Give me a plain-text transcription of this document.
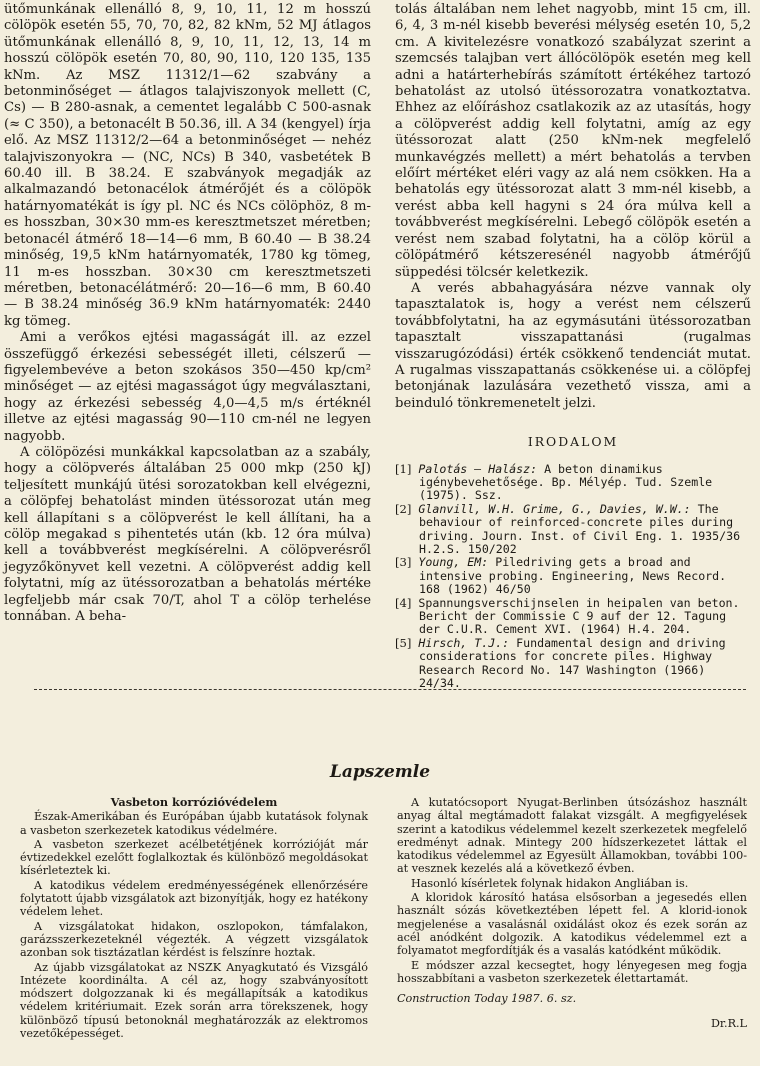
ütőmunkának ellenálló 8, 9, 10, 11, 12 m hosszú cölöpök esetén 55, 70, 70, 82, 82 kNm, 52 MJ átlagos ütőmunkának ellenálló 8, 9, 10, 11, 12, 13, 14 m hosszú cölöpök esetén 70, 80, 90, 110, 120 135, 135 kNm. Az MSZ 11312/1—62 szabvány a betonminőséget — átlagos talajviszonyok mellett (C, Cs) — B 280-asnak, a cementet legalább C 500-asnak (≈ C 350), a betonacélt B 50.36, ill. A 34 (kengyel) írja elő. Az MSZ 11312/2—64 a betonminőséget — nehéz talajviszonyokra — (NC, NCs) B 340, vasbetétek B 60.40 ill. B 38.24. E szabványok megadják az alkalmazandó betonacélok átmérőjét és a cölöpök határnyomatékát is így pl. NC és NCs cölöphöz, 8 m-es hosszban, 30×30 mm-es keresztmetszet méretben; betonacél átmérő 18—14—6 mm, B 60.40 — B 38.24 minőség, 19,5 kNm határnyomaték, 1780 kg tömeg, 11 m-es hosszban. 30×30 cm keresztmetszeti méretben, betonacélátmérő: 20—16—6 mm, B 60.40 — B 38.24 minőség 36.9 kNm határnyomaték: 2440 kg tömeg.

Ami a verőkos ejtési magasságát ill. az ezzel összefüggő érkezési sebességét illeti, célszerű — figyelembevéve a beton szokásos 350—450 kp/cm² minőséget — az ejtési magasságot úgy megválasztani, hogy az érkezési sebesség 4,0—4,5 m/s értéknél illetve az ejtési magasság 90—110 cm-nél ne legyen nagyobb.

A cölöpözési munkákkal kapcsolatban az a szabály, hogy a cölöpverés általában 25 000 mkp (250 kJ) teljesített munkájú ütési sorozatokban kell elvégezni, a cölöpfej behatolást minden ütéssorozat után meg kell állapítani s a cölöpverést le kell állítani, ha a cölöp megakad s pihentetés után (kb. 12 óra múlva) kell a továbbverést megkísérelni. A cölöpverésről jegyzőkönyvet kell vezetni. A cölöpverést addig kell folytatni, míg az ütéssorozatban a behatolás mértéke legfeljebb már csak 70/T, ahol T a cölöp terhelése tonnában. A beha-

tolás általában nem lehet nagyobb, mint 15 cm, ill. 6, 4, 3 m-nél kisebb beverési mélység esetén 10, 5,2 cm. A kivitelezésre vonatkozó szabályzat szerint a szemcsés talajban vert állócölöpök esetén meg kell adni a határterhebírás számított értékéhez tartozó behatolást az utolsó ütéssorozatra vonatkoztatva. Ehhez az előíráshoz csatlakozik az az utasítás, hogy a cölöpverést addig kell folytatni, amíg az egy ütéssorozat alatt (250 kNm-nek megfelelő munkavégzés mellett) a mért behatolás a tervben előírt mértéket eléri vagy az alá nem csökken. Ha a behatolás egy ütéssorozat alatt 3 mm-nél kisebb, a verést abba kell hagyni s 24 óra múlva kell a továbbverést megkísérelni. Lebegő cölöpök esetén a verést nem szabad folytatni, ha a cölöp körül a cölöpátmérő kétszeresénél nagyobb átmérőjű süppedési tölcsér keletkezik.

A verés abbahagyására nézve vannak oly tapasztalatok is, hogy a verést nem célszerű továbbfolytatni, ha az egymásutáni ütéssorozatban tapasztalt visszapattanási (rugalmas visszarugózódási) érték csökkenő tendenciát mutat. A rugalmas visszapattanás csökkenése ui. a cölöpfej betonjának lazulására vezethető vissza, ami a beinduló tönkremenetelt jelzi.

IRODALOM

[1] Palotás — Halász: A beton dinamikus igénybevehetősége. Bp. Mélyép. Tud. Szemle (1975). Ssz.

[2] Glanvill, W.H. Grime, G., Davies, W.W.: The behaviour of reinforced-concrete piles during driving. Journ. Inst. of Civil Eng. 1. 1935/36 H.2.S. 150/202

[3] Young, EM: Piledriving gets a broad and intensive probing. Engineering, News Record. 168 (1962) 46/50

[4] Spannungsverschijnselen in heipalen van beton. Bericht der Commissie C 9 auf der 12. Tagung der C.U.R. Cement XVI. (1964) H.4. 204.

[5] Hirsch, T.J.: Fundamental design and driving considerations for concrete piles. Highway Research Record No. 147 Washington (1966) 24/34.

Lapszemle

Vasbeton korrózióvédelem

Észak-Amerikában és Európában újabb kutatások folynak a vasbeton szerkezetek katodikus védelmére.

A vasbeton szerkezet acélbetétjének korrózióját már évtizedekkel ezelőtt foglalkoztak és különböző megoldásokat kísérleteztek ki.

A katodikus védelem eredményességének ellenőrzésére folytatott újabb vizsgálatok azt bizonyítják, hogy ez hatékony védelem lehet.

A vizsgálatokat hidakon, oszlopokon, támfalakon, garázsszerkezeteknél végezték. A végzett vizsgálatok azonban sok tisztázatlan kérdést is felszínre hoztak.

Az újabb vizsgálatokat az NSZK Anyagkutató és Vizsgáló Intézete koordinálta. A cél az, hogy szabványosított módszert dolgozzanak ki és megállapítsák a katodikus védelem kritériumait. Ezek során arra törekszenek, hogy különböző típusú betonoknál meghatározzák az elektromos vezetőképességet.

A kutatócsoport Nyugat-Berlinben útsózáshoz használt anyag által megtámadott falakat vizsgált. A megfigyelések szerint a katodikus védelemmel kezelt szerkezetek megfelelő eredményt adnak. Mintegy 200 hídszerkezetet láttak el katodikus védelemmel az Egyesült Államokban, további 100-at vesznek kezelés alá a következő évben.

Hasonló kísérletek folynak hidakon Angliában is.

A kloridok károsító hatása elsősorban a jegesedés ellen használt sózás következtében lépett fel. A klorid-ionok megjelenése a vasalásnál oxidálást okoz és ezek során az acél anódként dolgozik. A katodikus védelemmel ezt a folyamatot megfordítják és a vasalás katódként működik.

E módszer azzal kecsegtet, hogy lényegesen meg fogja hosszabbítani a vasbeton szerkezetek élettartamát.

Construction Today 1987. 6. sz.

Dr.R.L
